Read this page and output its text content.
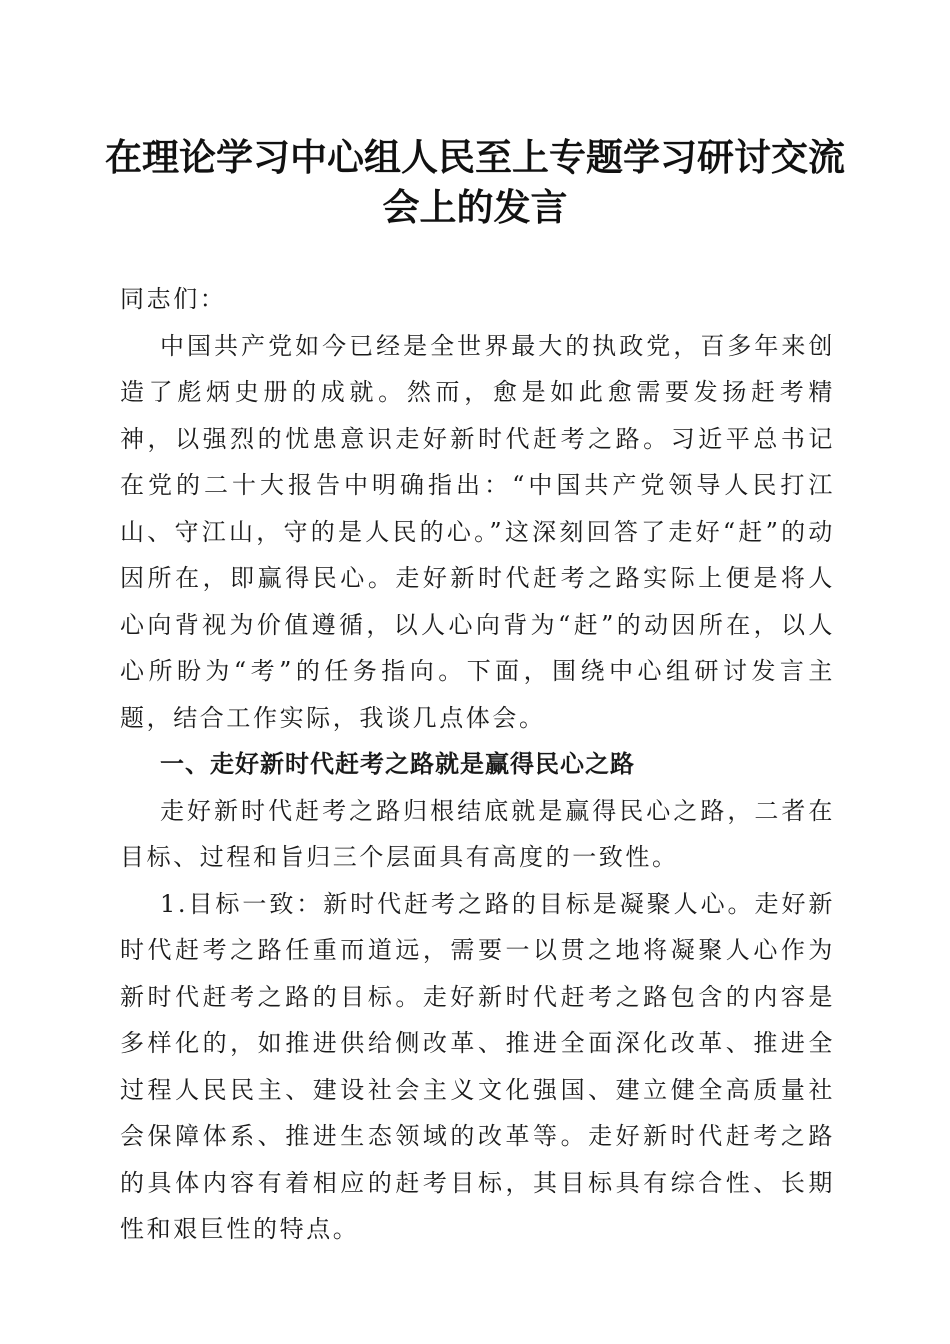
在理论学习中心组人民至上专题学习研讨交流
会上的发言

同志们：

中国共产党如今已经是全世界最大的执政党，百多年来创造了彪炳史册的成就。然而，愈是如此愈需要发扬赶考精神，以强烈的忧患意识走好新时代赶考之路。习近平总书记在党的二十大报告中明确指出：“中国共产党领导人民打江山、守江山，守的是人民的心。”这深刻回答了走好“赶”的动因所在，即赢得民心。走好新时代赶考之路实际上便是将人心向背视为价值遵循，以人心向背为“赶”的动因所在，以人心所盼为“考”的任务指向。下面，围绕中心组研讨发言主题，结合工作实际，我谈几点体会。

一、走好新时代赶考之路就是赢得民心之路

走好新时代赶考之路归根结底就是赢得民心之路，二者在目标、过程和旨归三个层面具有高度的一致性。

1.目标一致：新时代赶考之路的目标是凝聚人心。走好新时代赶考之路任重而道远，需要一以贯之地将凝聚人心作为新时代赶考之路的目标。走好新时代赶考之路包含的内容是多样化的，如推进供给侧改革、推进全面深化改革、推进全过程人民民主、建设社会主义文化强国、建立健全高质量社会保障体系、推进生态领域的改革等。走好新时代赶考之路的具体内容有着相应的赶考目标，其目标具有综合性、长期性和艰巨性的特点。
